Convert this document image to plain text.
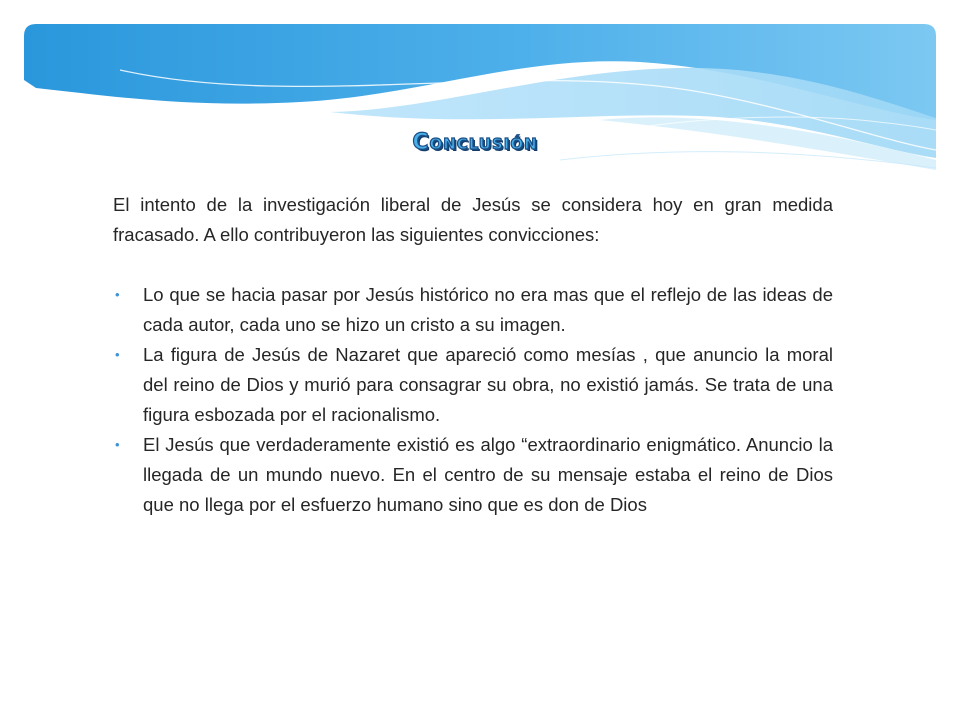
Conclusión

El intento de la investigación liberal de Jesús se considera hoy en gran medida fracasado. A ello contribuyeron las siguientes convicciones:

• Lo que se hacia pasar por Jesús histórico no era mas que el reflejo de las ideas de cada autor, cada uno se hizo un cristo a su imagen.
• La figura de Jesús de Nazaret que apareció como mesías , que anuncio la moral del reino de Dios y murió para consagrar su obra, no existió jamás. Se trata de una figura esbozada por el racionalismo.
• El Jesús que verdaderamente existió es algo “extraordinario enigmático. Anuncio la llegada de un mundo nuevo. En el centro de su mensaje estaba el reino de Dios que no llega por el esfuerzo humano sino que es don de Dios
